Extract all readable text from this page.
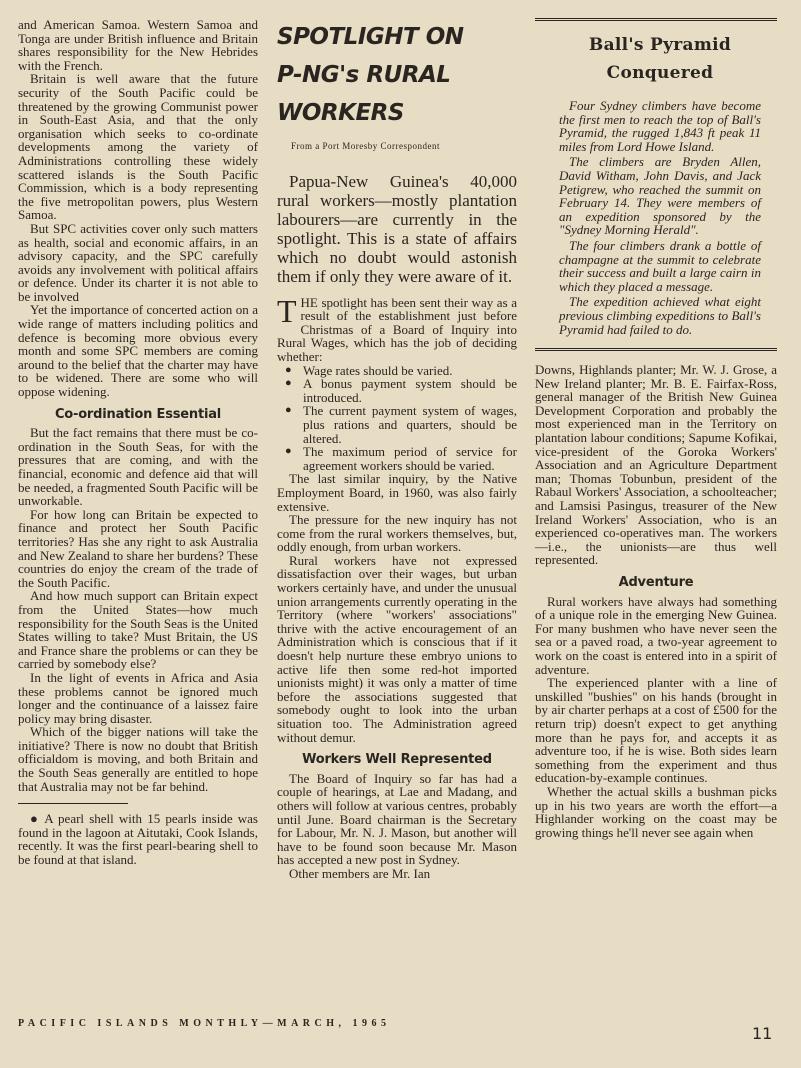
and American Samoa. Western Samoa and Tonga are under British influence and Britain shares responsibility for the New Hebrides with the French.

Britain is well aware that the future security of the South Pacific could be threatened by the growing Communist power in South-East Asia, and that the only organisation which seeks to co-ordinate developments among the variety of Administrations controlling these widely scattered islands is the South Pacific Commission, which is a body representing the five metropolitan powers, plus Western Samoa.

But SPC activities cover only such matters as health, social and economic affairs, in an advisory capacity, and the SPC carefully avoids any involvement with political affairs or defence. Under its charter it is not able to be involved

Yet the importance of concerted action on a wide range of matters including politics and defence is becoming more obvious every month and some SPC members are coming around to the belief that the charter may have to be widened. There are some who will oppose widening.

Co-ordination Essential

But the fact remains that there must be co-ordination in the South Seas, for with the pressures that are coming, and with the financial, economic and defence aid that will be needed, a fragmented South Pacific will be unworkable.

For how long can Britain be expected to finance and protect her South Pacific territories? Has she any right to ask Australia and New Zealand to share her burdens? These countries do enjoy the cream of the trade of the South Pacific.

And how much support can Britain expect from the United States—how much responsibility for the South Seas is the United States willing to take? Must Britain, the US and France share the problems or can they be carried by somebody else?

In the light of events in Africa and Asia these problems cannot be ignored much longer and the continuance of a laissez faire policy may bring disaster.

Which of the bigger nations will take the initiative? There is now no doubt that British officialdom is moving, and both Britain and the South Seas generally are entitled to hope that Australia may not be far behind.

● A pearl shell with 15 pearls inside was found in the lagoon at Aitutaki, Cook Islands, recently. It was the first pearl-bearing shell to be found at that island.

SPOTLIGHT ON
P-NG's RURAL
WORKERS
From a Port Moresby Correspondent

Papua-New Guinea's 40,000 rural workers—mostly plantation labourers—are currently in the spotlight. This is a state of affairs which no doubt would astonish them if only they were aware of it.

THE spotlight has been sent their way as a result of the establishment just before Christmas of a Board of Inquiry into Rural Wages, which has the job of deciding whether:

● Wage rates should be varied.
● A bonus payment system should be introduced.
● The current payment system of wages, plus rations and quarters, should be altered.
● The maximum period of service for agreement workers should be varied.

The last similar inquiry, by the Native Employment Board, in 1960, was also fairly extensive.

The pressure for the new inquiry has not come from the rural workers themselves, but, oddly enough, from urban workers.

Rural workers have not expressed dissatisfaction over their wages, but urban workers certainly have, and under the unusual union arrangements currently operating in the Territory (where "workers' associations" thrive with the active encouragement of an Administration which is conscious that if it doesn't help nurture these embryo unions to active life then some red-hot imported unionists might) it was only a matter of time before the associations suggested that somebody ought to look into the urban situation too. The Administration agreed without demur.

Workers Well Represented

The Board of Inquiry so far has had a couple of hearings, at Lae and Madang, and others will follow at various centres, probably until June. Board chairman is the Secretary for Labour, Mr. N. J. Mason, but another will have to be found soon because Mr. Mason has accepted a new post in Sydney.

Other members are Mr. Ian

Ball's Pyramid
Conquered

Four Sydney climbers have become the first men to reach the top of Ball's Pyramid, the rugged 1,843 ft peak 11 miles from Lord Howe Island.

The climbers are Bryden Allen, David Witham, John Davis, and Jack Petigrew, who reached the summit on February 14. They were members of an expedition sponsored by the "Sydney Morning Herald".

The four climbers drank a bottle of champagne at the summit to celebrate their success and built a large cairn in which they placed a message.

The expedition achieved what eight previous climbing expeditions to Ball's Pyramid had failed to do.

Downs, Highlands planter; Mr. W. J. Grose, a New Ireland planter; Mr. B. E. Fairfax-Ross, general manager of the British New Guinea Development Corporation and probably the most experienced man in the Territory on plantation labour conditions; Sapume Kofikai, vice-president of the Goroka Workers' Association and an Agriculture Department man; Thomas Tobunbun, president of the Rabaul Workers' Association, a schoolteacher; and Lamsisi Pasingus, treasurer of the New Ireland Workers' Association, who is an experienced co-operatives man. The workers—i.e., the unionists—are thus well represented.

Adventure

Rural workers have always had something of a unique role in the emerging New Guinea. For many bushmen who have never seen the sea or a paved road, a two-year agreement to work on the coast is entered into in a spirit of adventure.

The experienced planter with a line of unskilled "bushies" on his hands (brought in by air charter perhaps at a cost of £500 for the return trip) doesn't expect to get anything more than he pays for, and accepts it as adventure too, if he is wise. Both sides learn something from the experiment and thus education-by-example continues.

Whether the actual skills a bushman picks up in his two years are worth the effort—a Highlander working on the coast may be growing things he'll never see again when

PACIFIC ISLANDS MONTHLY—MARCH, 1965
11
